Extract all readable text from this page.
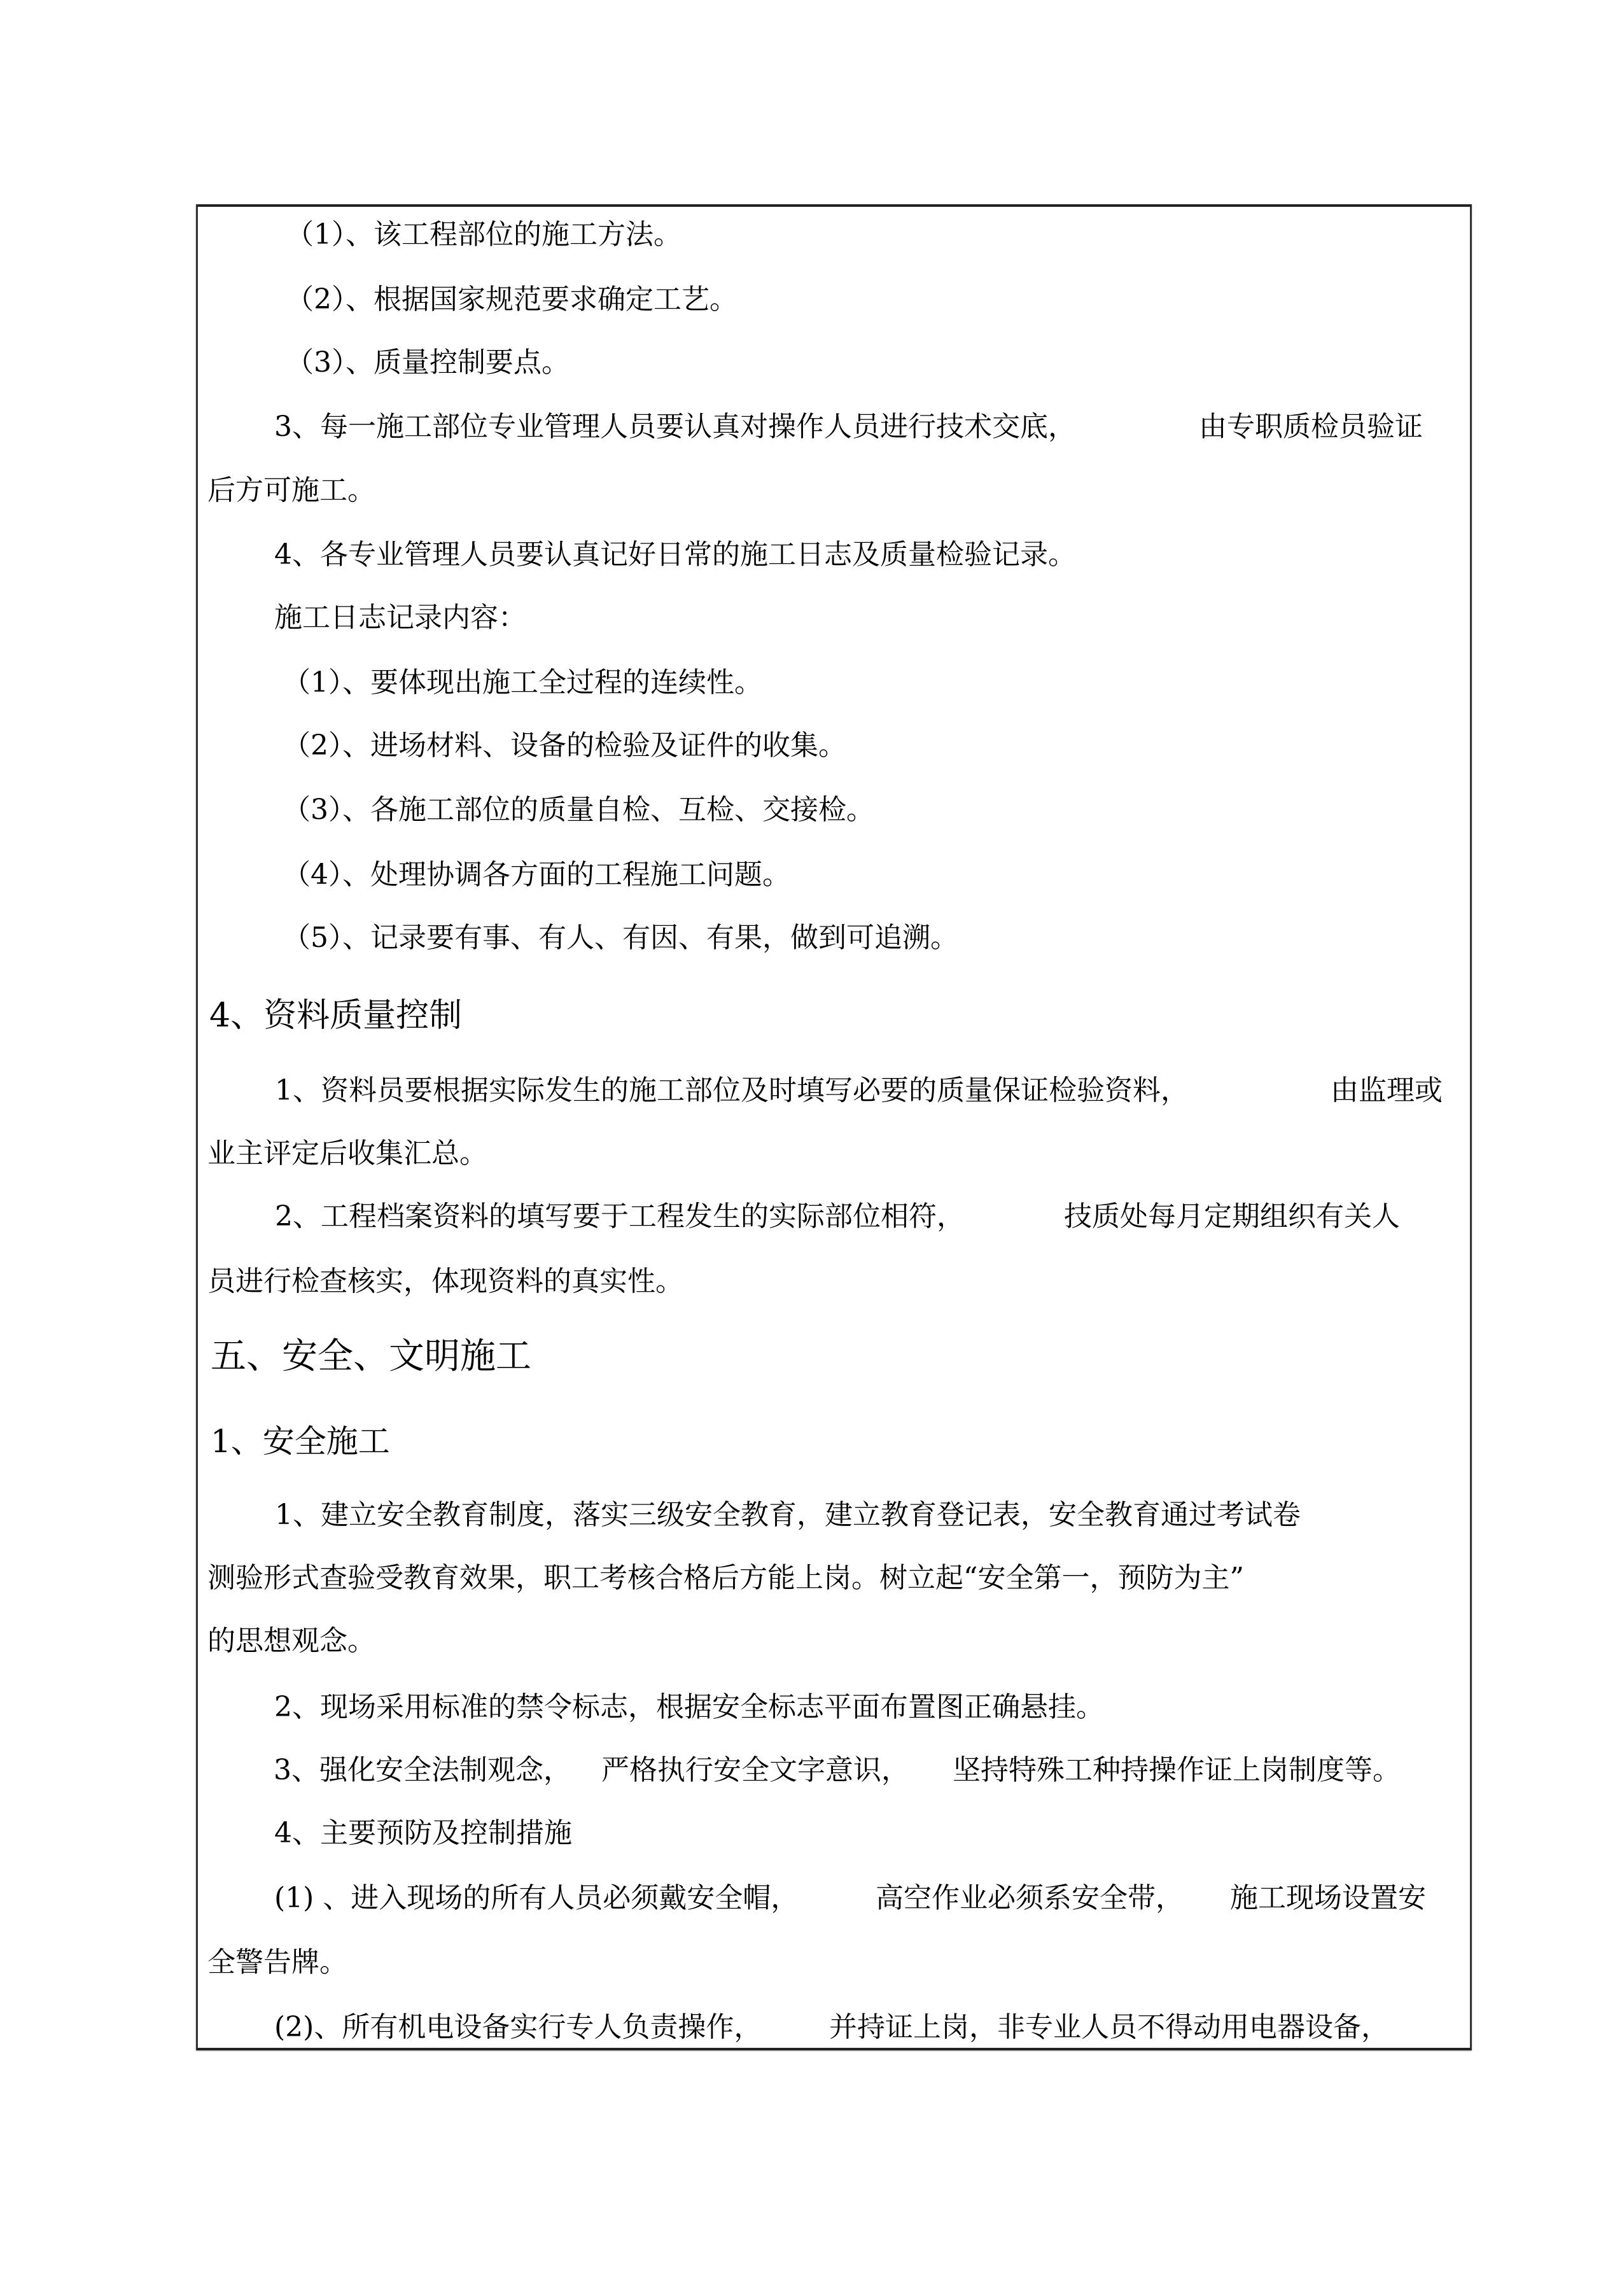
（1）、该工程部位的施工方法。
（2）、根据国家规范要求确定工艺。
（3）、质量控制要点。
3、每一施工部位专业管理人员要认真对操作人员进行技术交底，	由专职质检员验证
后方可施工。
4、各专业管理人员要认真记好日常的施工日志及质量检验记录。
施工日志记录内容：
（1）、要体现出施工全过程的连续性。
（2）、进场材料、设备的检验及证件的收集。
（3）、各施工部位的质量自检、互检、交接检。
（4）、处理协调各方面的工程施工问题。
（5）、记录要有事、有人、有因、有果，做到可追溯。
4、资料质量控制
1、资料员要根据实际发生的施工部位及时填写必要的质量保证检验资料，	由监理或
业主评定后收集汇总。
2、工程档案资料的填写要于工程发生的实际部位相符，	技质处每月定期组织有关人
员进行检查核实，体现资料的真实性。
五、安全、文明施工
1、安全施工
1、建立安全教育制度，落实三级安全教育，建立教育登记表，安全教育通过考试卷
测验形式查验受教育效果，职工考核合格后方能上岗。树立起“安全第一，预防为主”
的思想观念。
2、现场采用标准的禁令标志，根据安全标志平面布置图正确悬挂。
3、强化安全法制观念， 严格执行安全文字意识， 坚持特殊工种持操作证上岗制度等。
4、主要预防及控制措施
(1) 、进入现场的所有人员必须戴安全帽，	高空作业必须系安全带， 施工现场设置安
全警告牌。
(2)、所有机电设备实行专人负责操作， 并持证上岗，非专业人员不得动用电器设备，
